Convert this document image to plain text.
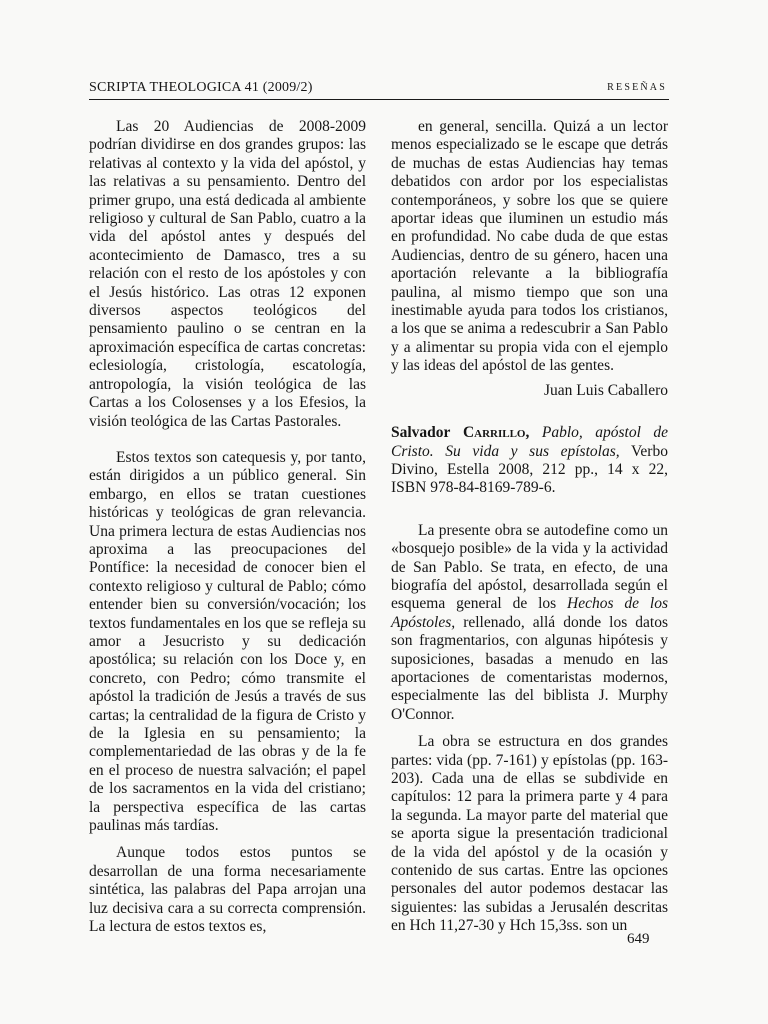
SCRIPTA THEOLOGICA 41 (2009/2)	RESEÑAS

Las 20 Audiencias de 2008-2009 podrían dividirse en dos grandes grupos: las relativas al contexto y la vida del apóstol, y las relativas a su pensamiento. Dentro del primer grupo, una está dedicada al ambiente religioso y cultural de San Pablo, cuatro a la vida del apóstol antes y después del acontecimiento de Damasco, tres a su relación con el resto de los apóstoles y con el Jesús histórico. Las otras 12 exponen diversos aspectos teológicos del pensamiento paulino o se centran en la aproximación específica de cartas concretas: eclesiología, cristología, escatología, antropología, la visión teológica de las Cartas a los Colosenses y a los Efesios, la visión teológica de las Cartas Pastorales.

Estos textos son catequesis y, por tanto, están dirigidos a un público general. Sin embargo, en ellos se tratan cuestiones históricas y teológicas de gran relevancia. Una primera lectura de estas Audiencias nos aproxima a las preocupaciones del Pontífice: la necesidad de conocer bien el contexto religioso y cultural de Pablo; cómo entender bien su conversión/vocación; los textos fundamentales en los que se refleja su amor a Jesucristo y su dedicación apostólica; su relación con los Doce y, en concreto, con Pedro; cómo transmite el apóstol la tradición de Jesús a través de sus cartas; la centralidad de la figura de Cristo y de la Iglesia en su pensamiento; la complementariedad de las obras y de la fe en el proceso de nuestra salvación; el papel de los sacramentos en la vida del cristiano; la perspectiva específica de las cartas paulinas más tardías.

Aunque todos estos puntos se desarrollan de una forma necesariamente sintética, las palabras del Papa arrojan una luz decisiva cara a su correcta comprensión. La lectura de estos textos es,

en general, sencilla. Quizá a un lector menos especializado se le escape que detrás de muchas de estas Audiencias hay temas debatidos con ardor por los especialistas contemporáneos, y sobre los que se quiere aportar ideas que iluminen un estudio más en profundidad. No cabe duda de que estas Audiencias, dentro de su género, hacen una aportación relevante a la bibliografía paulina, al mismo tiempo que son una inestimable ayuda para todos los cristianos, a los que se anima a redescubrir a San Pablo y a alimentar su propia vida con el ejemplo y las ideas del apóstol de las gentes.

Juan Luis Caballero

Salvador Carrillo, Pablo, apóstol de Cristo. Su vida y sus epístolas, Verbo Divino, Estella 2008, 212 pp., 14 x 22, ISBN 978-84-8169-789-6.

La presente obra se autodefine como un «bosquejo posible» de la vida y la actividad de San Pablo. Se trata, en efecto, de una biografía del apóstol, desarrollada según el esquema general de los Hechos de los Apóstoles, rellenado, allá donde los datos son fragmentarios, con algunas hipótesis y suposiciones, basadas a menudo en las aportaciones de comentaristas modernos, especialmente las del biblista J. Murphy O'Connor.

La obra se estructura en dos grandes partes: vida (pp. 7-161) y epístolas (pp. 163-203). Cada una de ellas se subdivide en capítulos: 12 para la primera parte y 4 para la segunda. La mayor parte del material que se aporta sigue la presentación tradicional de la vida del apóstol y de la ocasión y contenido de sus cartas. Entre las opciones personales del autor podemos destacar las siguientes: las subidas a Jerusalén descritas en Hch 11,27-30 y Hch 15,3ss. son un

649
